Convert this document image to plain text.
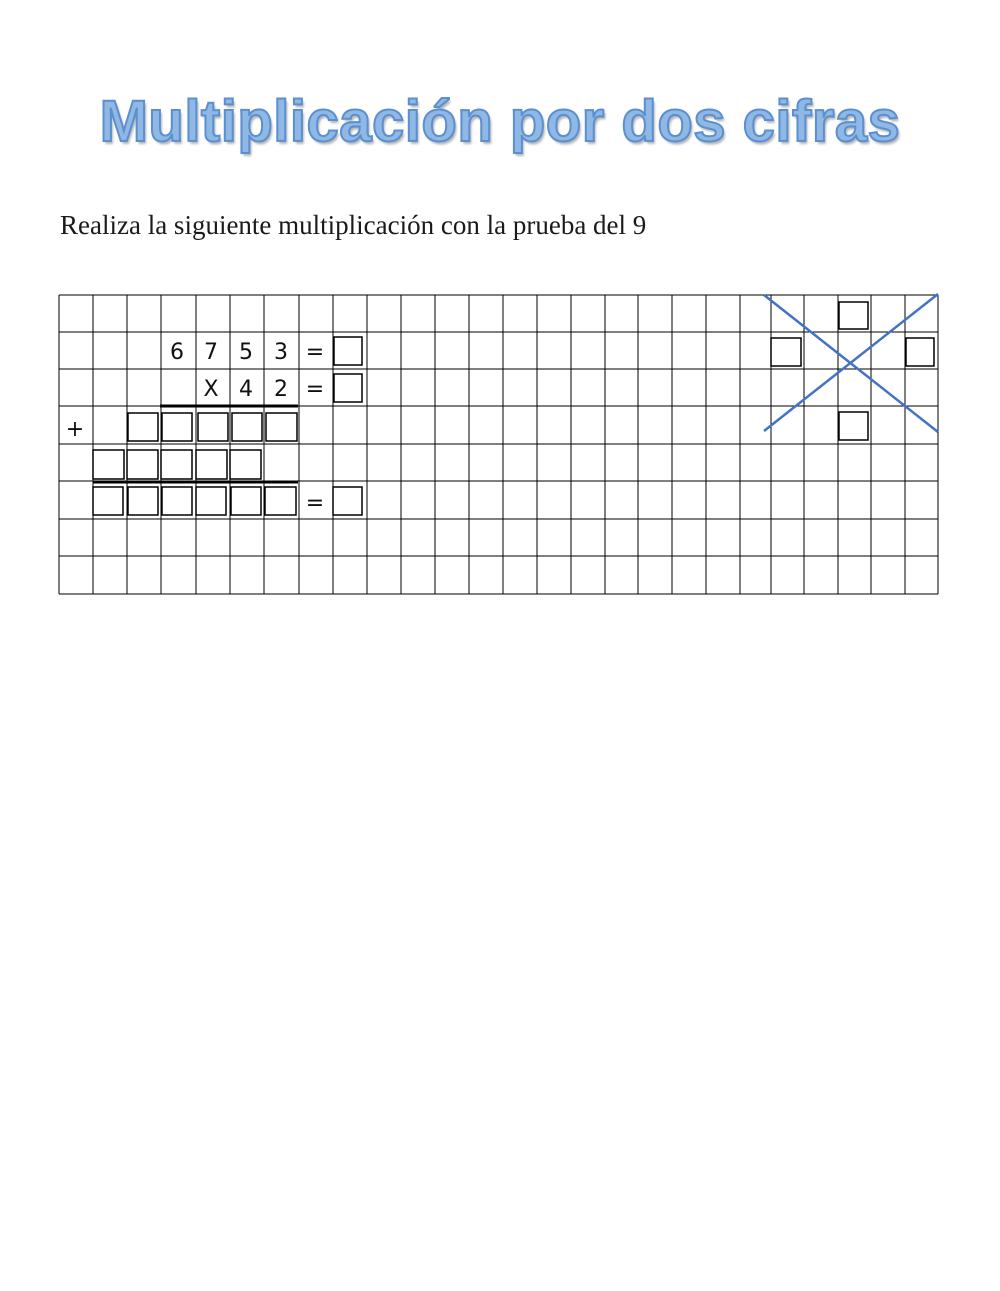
Multiplicación por dos cifras
Realiza la siguiente multiplicación con la prueba del 9
6 7 5 3 =
X 4 2 =
+
=
